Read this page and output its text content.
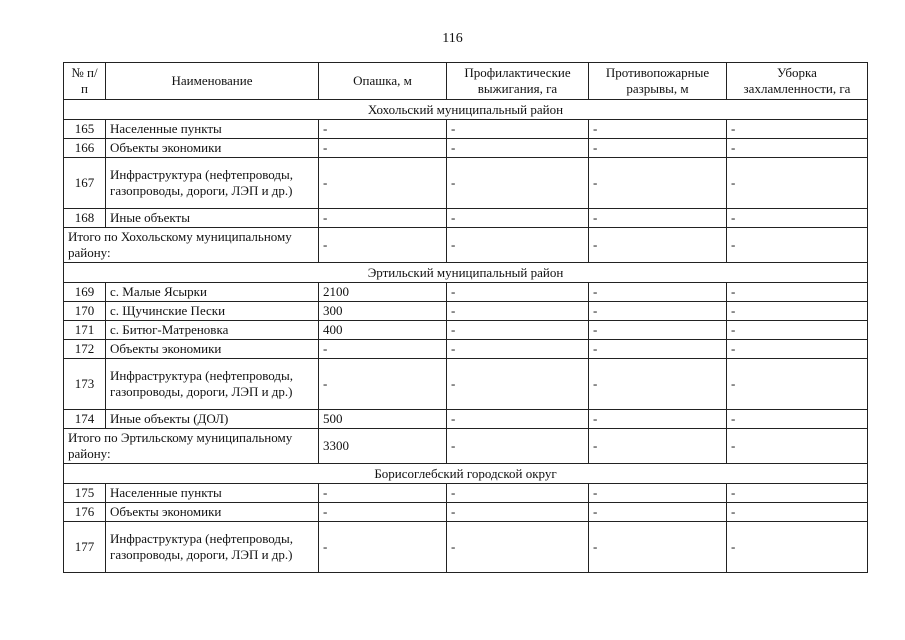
116
№ п/п	Наименование	Опашка, м	Профилактические выжигания, га	Противопожарные разрывы, м	Уборка захламленности, га
Хохольский муниципальный район					
165	Населенные пункты	-	-	-	-
166	Объекты экономики	-	-	-	-
167	Инфраструктура (нефтепроводы, газопроводы, дороги, ЛЭП и др.)	-	-	-	-
168	Иные объекты	-	-	-	-
Итого по Хохольскому муниципальному району:		-	-	-	-
Эртильский муниципальный район					
169	с. Малые Ясырки	2100	-	-	-
170	с. Щучинские Пески	300	-	-	-
171	с. Битюг-Матреновка	400	-	-	-
172	Объекты экономики	-	-	-	-
173	Инфраструктура (нефтепроводы, газопроводы, дороги, ЛЭП и др.)	-	-	-	-
174	Иные объекты (ДОЛ)	500	-	-	-
Итого по Эртильскому муниципальному району:		3300	-	-	-
Борисоглебский городской округ					
175	Населенные пункты	-	-	-	-
176	Объекты экономики	-	-	-	-
177	Инфраструктура (нефтепроводы, газопроводы, дороги, ЛЭП и др.)	-	-	-	-
